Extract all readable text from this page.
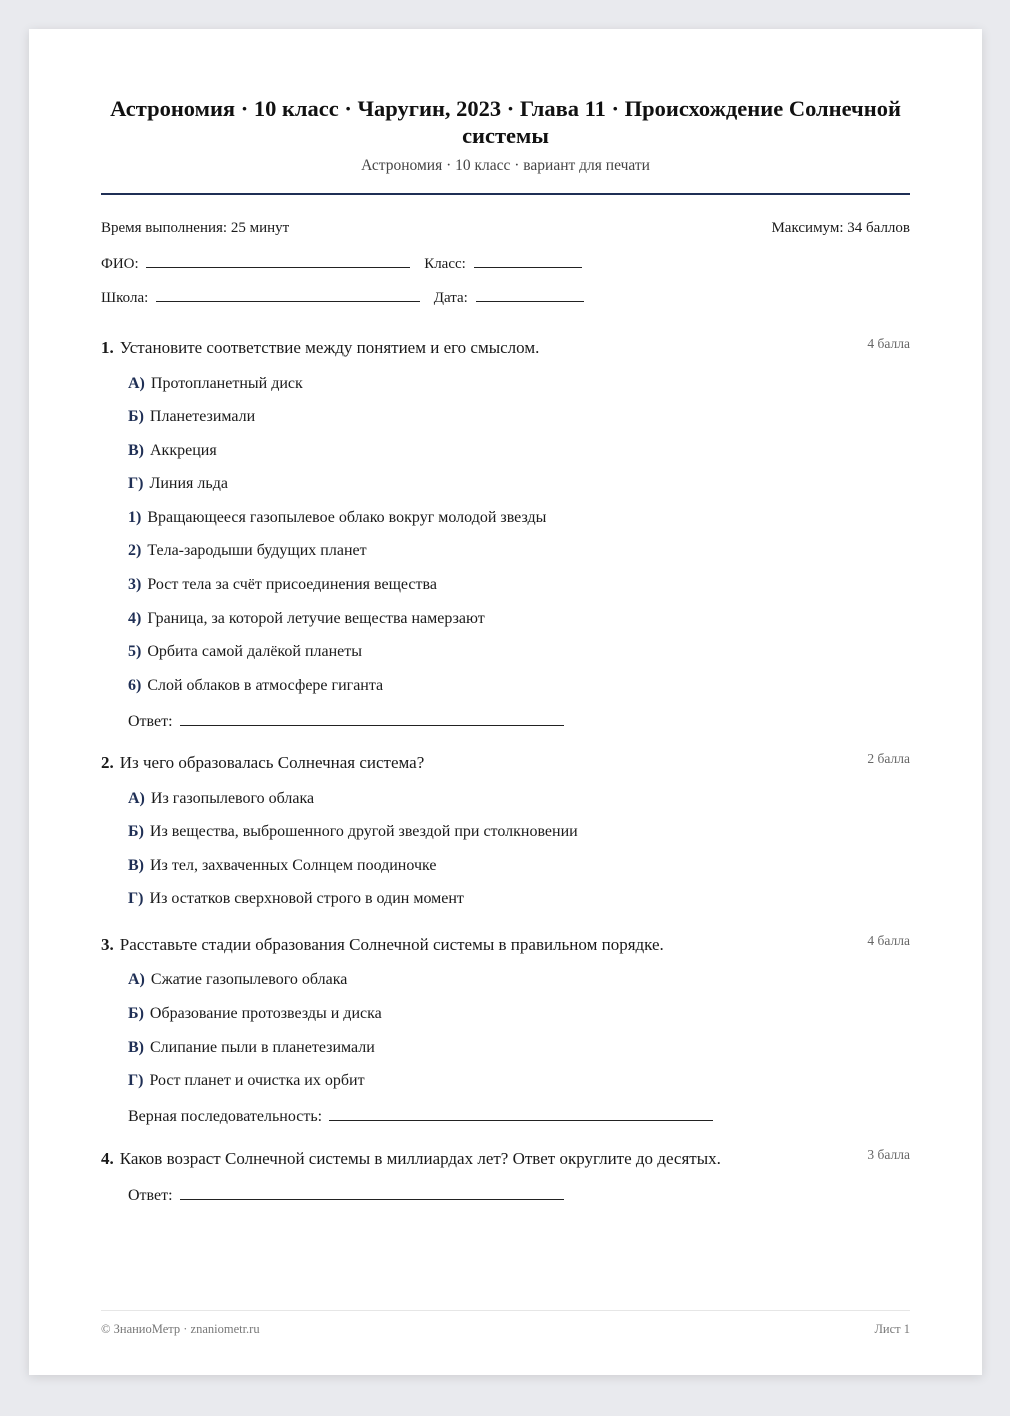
Астрономия · 10 класс · Чаругин, 2023 · Глава 11 · Происхождение Солнечной системы
Астрономия · 10 класс · вариант для печати
Время выполнения: 25 минут	Максимум: 34 баллов
ФИО:	Класс:
Школа:	Дата:
1. Установите соответствие между понятием и его смыслом.	4 балла
А) Протопланетный диск
Б) Планетезимали
В) Аккреция
Г) Линия льда
1) Вращающееся газопылевое облако вокруг молодой звезды
2) Тела-зародыши будущих планет
3) Рост тела за счёт присоединения вещества
4) Граница, за которой летучие вещества намерзают
5) Орбита самой далёкой планеты
6) Слой облаков в атмосфере гиганта
Ответ:
2. Из чего образовалась Солнечная система?	2 балла
А) Из газопылевого облака
Б) Из вещества, выброшенного другой звездой при столкновении
В) Из тел, захваченных Солнцем поодиночке
Г) Из остатков сверхновой строго в один момент
3. Расставьте стадии образования Солнечной системы в правильном порядке.	4 балла
А) Сжатие газопылевого облака
Б) Образование протозвезды и диска
В) Слипание пыли в планетезимали
Г) Рост планет и очистка их орбит
Верная последовательность:
4. Каков возраст Солнечной системы в миллиардах лет? Ответ округлите до десятых.	3 балла
Ответ:
© ЗнаниоМетр · znaniometr.ru	Лист 1
